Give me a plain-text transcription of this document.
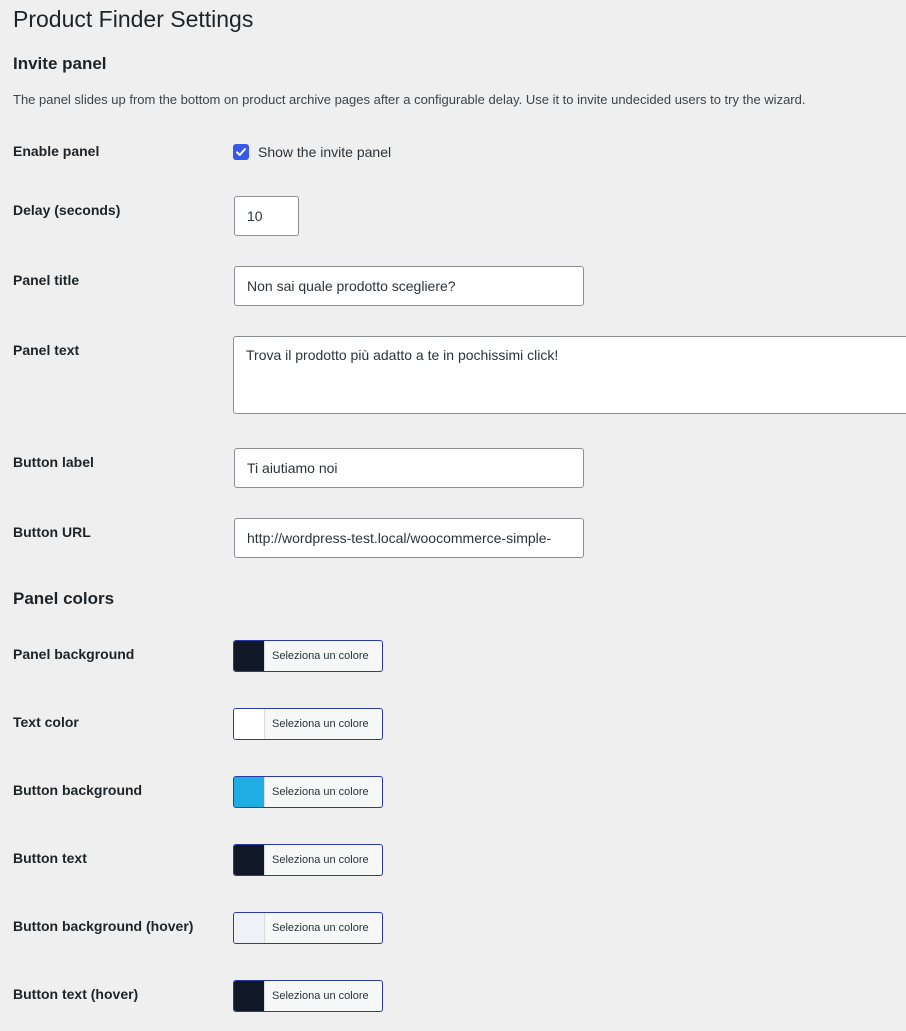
Product Finder Settings
Invite panel
The panel slides up from the bottom on product archive pages after a configurable delay. Use it to invite undecided users to try the wizard.
Enable panel	Show the invite panel
Delay (seconds)	10
Panel title	Non sai quale prodotto scegliere?
Panel text	Trova il prodotto più adatto a te in pochissimi click!
Button label	Ti aiutiamo noi
Button URL	http://wordpress-test.local/woocommerce-simple-
Panel colors
Panel background	Seleziona un colore
Text color	Seleziona un colore
Button background	Seleziona un colore
Button text	Seleziona un colore
Button background (hover)	Seleziona un colore
Button text (hover)	Seleziona un colore
